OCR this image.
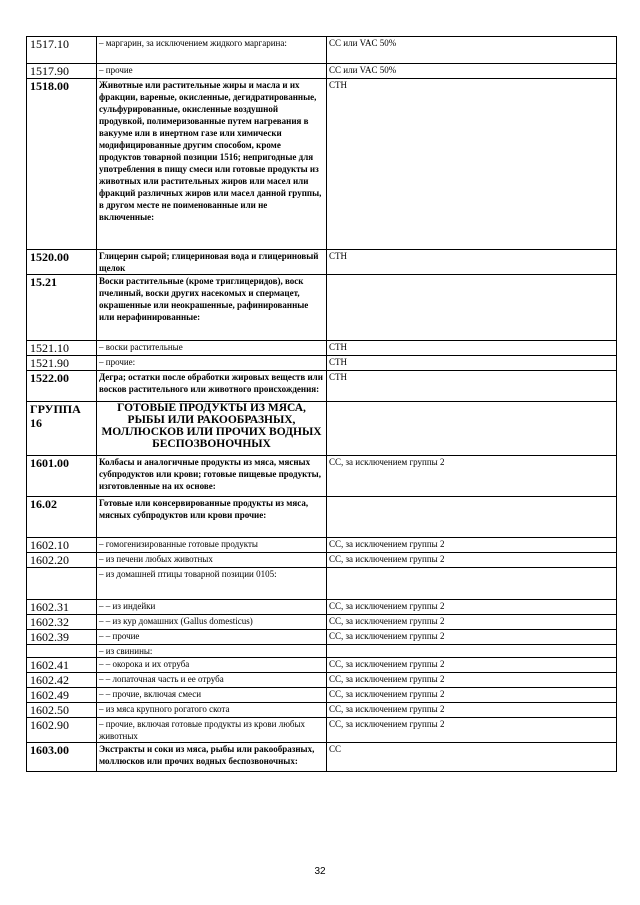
1517.10	– маргарин, за исключением жидкого маргарина:	СС или VAC 50%
1517.90	– прочие	СС или VAC 50%
1518.00	Животные или растительные жиры и масла и их фракции, вареные, окисленные, дегидратированные, сульфурированные, окисленные воздушной продувкой, полимеризованные путем нагревания в вакууме или в инертном газе или химически модифицированные другим способом, кроме продуктов товарной позиции 1516; непригодные для употребления в пищу смеси или готовые продукты из животных или растительных жиров или масел или фракций различных жиров или масел данной группы, в другом месте не поименованные или не включенные:	СТН
1520.00	Глицерин сырой; глицериновая вода и глицериновый щелок	СТН
15.21	Воски растительные (кроме триглицеридов), воск пчелиный, воски других насекомых и спермацет, окрашенные или неокрашенные, рафинированные или нерафинированные:	
1521.10	– воски растительные	СТН
1521.90	– прочие:	СТН
1522.00	Дегра; остатки после обработки жировых веществ или восков растительного или животного происхождения:	СТН
ГРУППА 16	ГОТОВЫЕ ПРОДУКТЫ ИЗ МЯСА, РЫБЫ ИЛИ РАКООБРАЗНЫХ, МОЛЛЮСКОВ ИЛИ ПРОЧИХ ВОДНЫХ БЕСПОЗВОНОЧНЫХ	
1601.00	Колбасы и аналогичные продукты из мяса, мясных субпродуктов или крови; готовые пищевые продукты, изготовленные на их основе:	СС, за исключением группы 2
16.02	Готовые или консервированные продукты из мяса, мясных субпродуктов или крови прочие:	
1602.10	– гомогенизированные готовые продукты	СС, за исключением группы 2
1602.20	– из печени любых животных	СС, за исключением группы 2
	– из домашней птицы товарной позиции 0105:	
1602.31	– – из индейки	СС, за исключением группы 2
1602.32	– – из кур домашних (Gallus domesticus)	СС, за исключением группы 2
1602.39	– – прочие	СС, за исключением группы 2
	– из свинины:	
1602.41	– – окорока и их отруба	СС, за исключением группы 2
1602.42	– – лопаточная часть и ее отруба	СС, за исключением группы 2
1602.49	– – прочие, включая смеси	СС, за исключением группы 2
1602.50	– из мяса крупного рогатого скота	СС, за исключением группы 2
1602.90	– прочие, включая готовые продукты из крови любых животных	СС, за исключением группы 2
1603.00	Экстракты и соки из мяса, рыбы или ракообразных, моллюсков или прочих водных беспозвоночных:	СС
32
